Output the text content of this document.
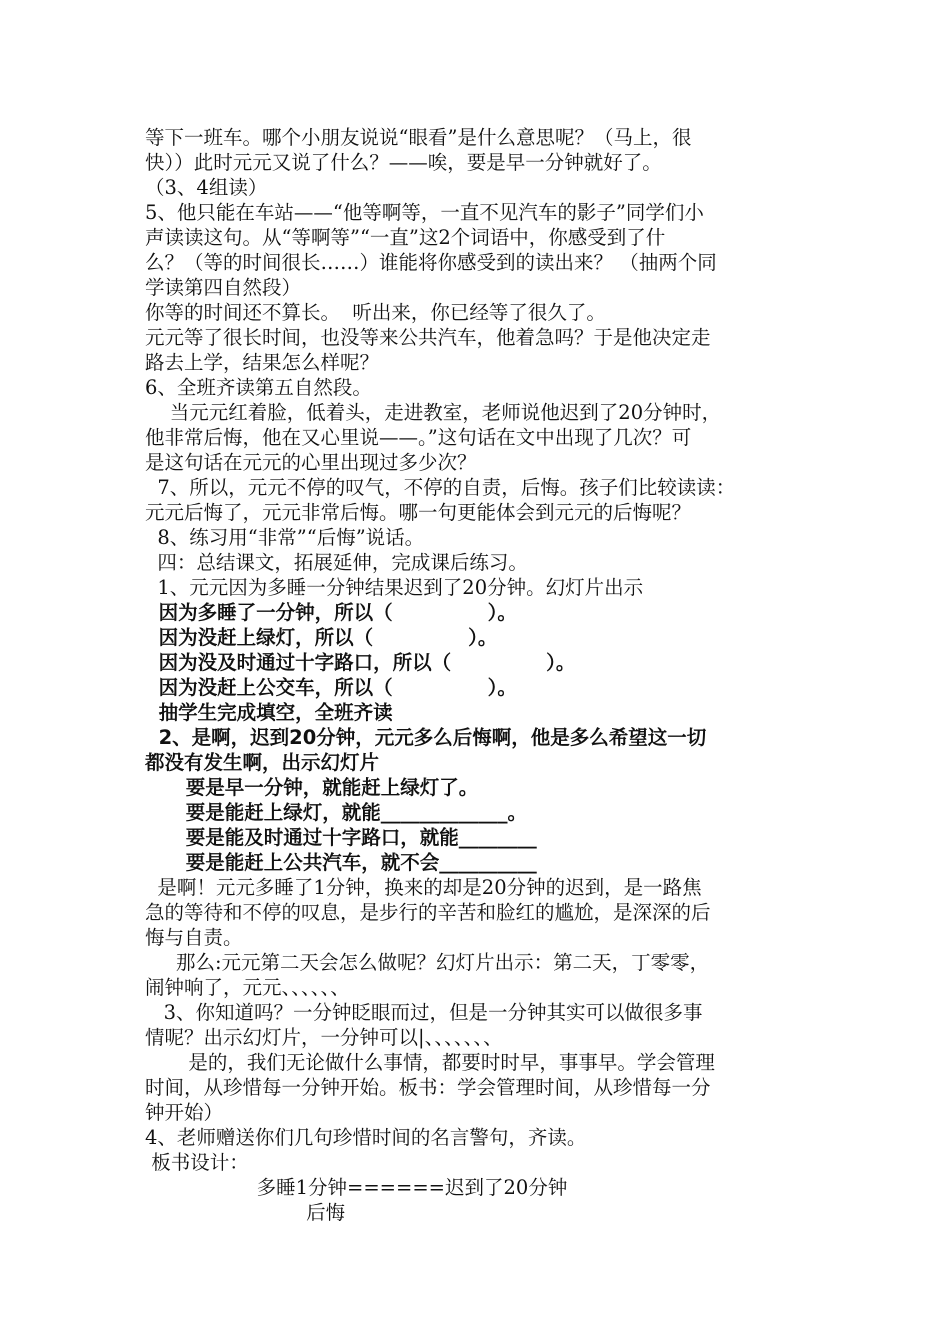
等下一班车。哪个小朋友说说“眼看”是什么意思呢？（马上，很
快））此时元元又说了什么？——唉，要是早一分钟就好了。
（3、4组读）
5、他只能在车站——“他等啊等，一直不见汽车的影子”同学们小
声读读这句。从“等啊等”“一直”这2个词语中，你感受到了什
么？（等的时间很长……）谁能将你感受到的读出来？ （抽两个同
学读第四自然段）
你等的时间还不算长。  听出来，你已经等了很久了。
元元等了很长时间，也没等来公共汽车，他着急吗？于是他决定走
路去上学，结果怎么样呢？
6、全班齐读第五自然段。
当元元红着脸，低着头，走进教室，老师说他迟到了20分钟时，
他非常后悔，他在又心里说——。”这句话在文中出现了几次？可
是这句话在元元的心里出现过多少次？
7、所以，元元不停的叹气，不停的自责，后悔。孩子们比较读读：
元元后悔了，元元非常后悔。哪一句更能体会到元元的后悔呢？
8、练习用“非常”“后悔”说话。
四：总结课文，拓展延伸，完成课后练习。
1、元元因为多睡一分钟结果迟到了20分钟。幻灯片出示
因为多睡了一分钟，所以（              ）。
因为没赶上绿灯，所以（              ）。
因为没及时通过十字路口，所以（              ）。
因为没赶上公交车，所以（              ）。
抽学生完成填空，全班齐读
2、是啊，迟到20分钟，元元多么后悔啊，他是多么希望这一切
都没有发生啊，出示幻灯片
要是早一分钟，就能赶上绿灯了。
要是能赶上绿灯，就能_____________。
要是能及时通过十字路口，就能________
要是能赶上公共汽车，就不会__________
是啊！元元多睡了1分钟，换来的却是20分钟的迟到，是一路焦
急的等待和不停的叹息，是步行的辛苦和脸红的尴尬，是深深的后
悔与自责。
那么:元元第二天会怎么做呢？幻灯片出示：第二天，丁零零，
闹钟响了，元元、、、、、、
3、你知道吗？一分钟眨眼而过，但是一分钟其实可以做很多事
情呢？出示幻灯片，一分钟可以|、、、、、、、
是的，我们无论做什么事情，都要时时早，事事早。学会管理
时间，从珍惜每一分钟开始。板书：学会管理时间，从珍惜每一分
钟开始）
4、老师赠送你们几句珍惜时间的名言警句，齐读。
板书设计：
多睡1分钟======迟到了20分钟
后悔
